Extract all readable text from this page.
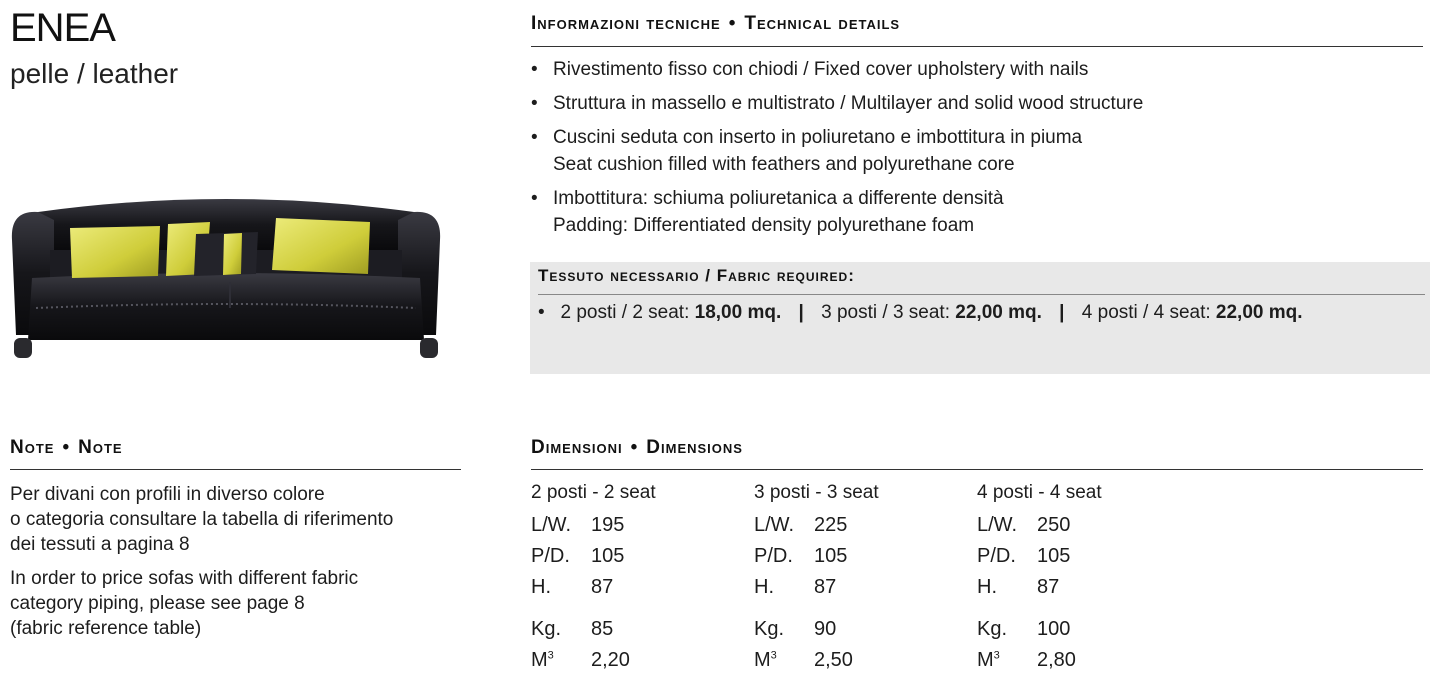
ENEA
pelle / leather
Informazioni tecniche • Technical details
• Rivestimento fisso con chiodi / Fixed cover upholstery with nails
• Struttura in massello e multistrato / Multilayer and solid wood structure
• Cuscini seduta con inserto in poliuretano e imbottitura in piuma
Seat cushion filled with feathers and polyurethane core
• Imbottitura: schiuma poliuretanica a differente densità
Padding: Differentiated density polyurethane foam
Tessuto necessario / Fabric required:
• 2 posti / 2 seat: 18,00 mq. | 3 posti / 3 seat: 22,00 mq. | 4 posti / 4 seat: 22,00 mq.
Note • Note

Per divani con profili in diverso colore
o categoria consultare la tabella di riferimento
dei tessuti a pagina 8

In order to price sofas with different fabric
category piping, please see page 8
(fabric reference table)

Dimensioni • Dimensions
2 posti - 2 seat
L/W. 195
P/D. 105
H. 87
Kg. 85
$M^3$ 2,20
3 posti - 3 seat
L/W. 225
P/D. 105
H. 87
Kg. 90
$M^3$ 2,50
4 posti - 4 seat
L/W. 250
P/D. 105
H. 87
Kg. 100
$M^3$ 2,80
